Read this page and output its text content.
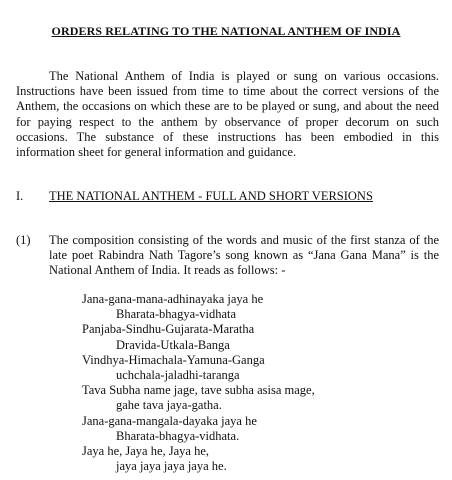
ORDERS RELATING TO THE NATIONAL ANTHEM OF INDIA

The National Anthem of India is played or sung on various occasions. Instructions have been issued from time to time about the correct versions of the Anthem, the occasions on which these are to be played or sung, and about the need for paying respect to the anthem by observance of proper decorum on such occasions. The substance of these instructions has been embodied in this information sheet for general information and guidance.

I. THE NATIONAL ANTHEM - FULL AND SHORT VERSIONS
(1) The composition consisting of the words and music of the first stanza of the late poet Rabindra Nath Tagore’s song known as “Jana Gana Mana” is the National Anthem of India. It reads as follows: -

Jana-gana-mana-adhinayaka jaya he
Bharata-bhagya-vidhata
Panjaba-Sindhu-Gujarata-Maratha
Dravida-Utkala-Banga
Vindhya-Himachala-Yamuna-Ganga
uchchala-jaladhi-taranga
Tava Subha name jage, tave subha asisa mage,
gahe tava jaya-gatha.
Jana-gana-mangala-dayaka jaya he
Bharata-bhagya-vidhata.
Jaya he, Jaya he, Jaya he,
jaya jaya jaya jaya he.
